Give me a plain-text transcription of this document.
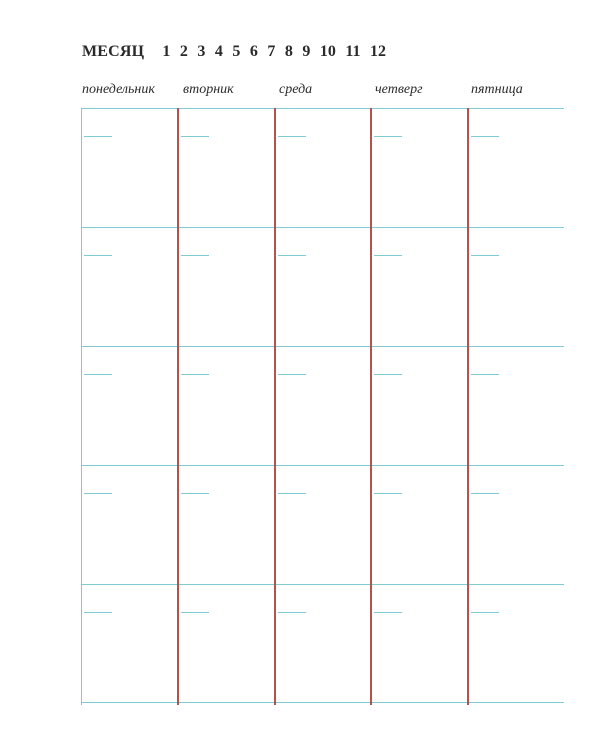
МЕСЯЦ 1 2 3 4 5 6 7 8 9 10 11 12
понедельник вторник	среда	четверг	пятница
